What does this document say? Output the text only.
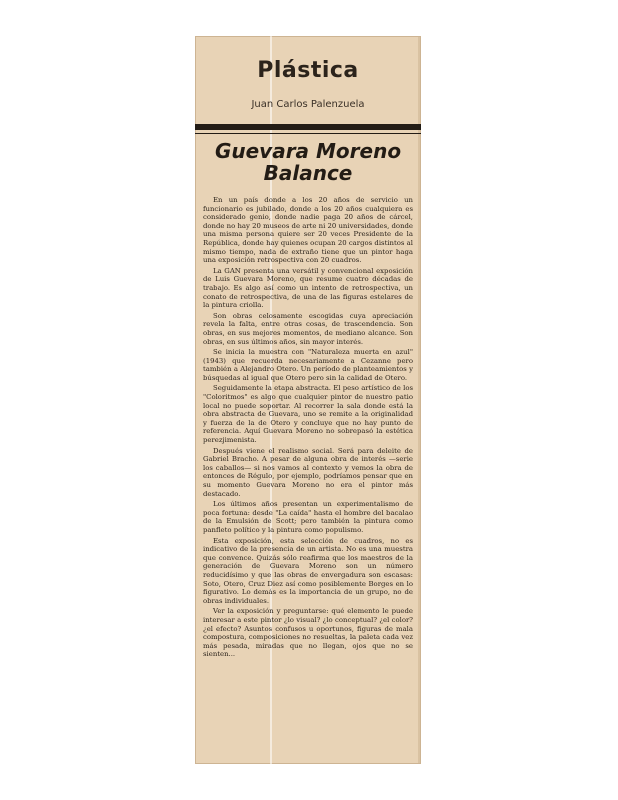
Plástica
Juan Carlos Palenzuela
Guevara Moreno
Balance

En un país donde a los 20 años de servicio un funcionario es jubilado, donde a los 20 años cualquiera es considerado genio, donde nadie paga 20 años de cárcel, donde no hay 20 museos de arte ni 20 universidades, donde una misma persona quiere ser 20 veces Presidente de la República, donde hay quienes ocupan 20 cargos distintos al mismo tiempo, nada de extraño tiene que un pintor haga una exposición retrospectiva con 20 cuadros.

La GAN presenta una versátil y convencional exposición de Luis Guevara Moreno, que resume cuatro décadas de trabajo. Es algo así como un intento de retrospectiva, un conato de retrospectiva, de una de las figuras estelares de la pintura criolla.

Son obras celosamente escogidas cuya apreciación revela la falta, entre otras cosas, de trascendencia. Son obras, en sus mejores momentos, de mediano alcance. Son obras, en sus últimos años, sin mayor interés.

Se inicia la muestra con "Naturaleza muerta en azul" (1943) que recuerda necesariamente a Cezanne pero también a Alejandro Otero. Un período de planteamientos y búsquedas al igual que Otero pero sin la calidad de Otero.

Seguidamente la etapa abstracta. El peso artístico de los "Coloritmos" es algo que cualquier pintor de nuestro patio local no puede soportar. Al recorrer la sala donde está la obra abstracta de Guevara, uno se remite a la originalidad y fuerza de la de Otero y concluye que no hay punto de referencia. Aquí Guevara Moreno no sobrepasó la estética perezjimenista.

Después viene el realismo social. Será para deleite de Gabriel Bracho. A pesar de alguna obra de interés —serie los caballos— si nos vamos al contexto y vemos la obra de entonces de Régulo, por ejemplo, podríamos pensar que en su momento Guevara Moreno no era el pintor más destacado.

Los últimos años presentan un experimentalismo de poca fortuna: desde "La caída" hasta el hombre del bacalao de la Emulsión de Scott; pero también la pintura como panfleto político y la pintura como populismo.

Esta exposición, esta selección de cuadros, no es indicativo de la presencia de un artista. No es una muestra que convence. Quizás sólo reafirma que los maestros de la generación de Guevara Moreno son un número reducidísimo y que las obras de envergadura son escasas: Soto, Otero, Cruz Diez así como posiblemente Borges en lo figurativo. Lo demás es la importancia de un grupo, no de obras individuales.

Ver la exposición y preguntarse: qué elemento le puede interesar a este pintor ¿lo visual? ¿lo conceptual? ¿el color? ¿el efecto? Asuntos confusos u oportunos, figuras de mala compostura, composiciones no resueltas, la paleta cada vez más pesada, miradas que no llegan, ojos que no se sienten...
